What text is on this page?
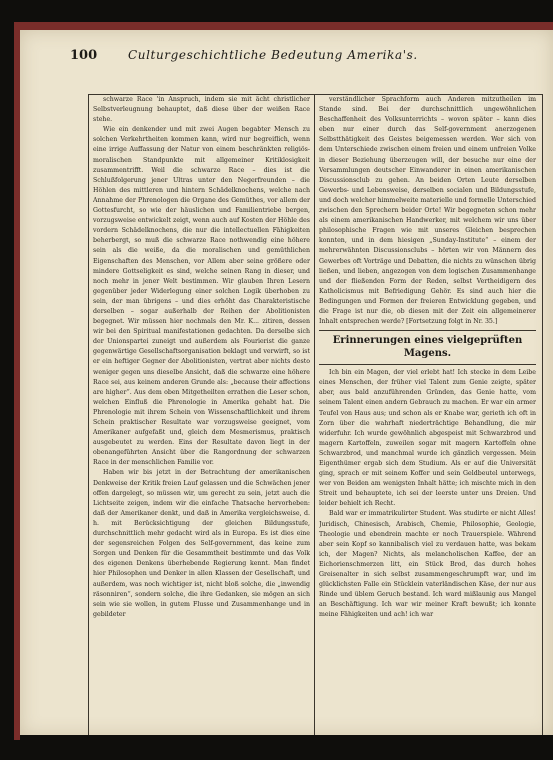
100	Culturgeschichtliche Bedeutung Amerika's.

schwarze Race 'in Anspruch, indem sie mit ächt christlicher Selbstverleugnung behauptet, daß diese über der weißen Race stehe.

Wie ein denkender und mit zwei Augen begabter Mensch zu solchen Verkehrtheiten kommen kann, wird nur begreiflich, wenn eine irrige Auffassung der Natur von einem beschränkten religiös-moralischen Standpunkte mit allgemeiner Kritiklosigkeit zusammentrifft. Weil die schwarze Race – dies ist die Schlußfolgerung jener Ultras unter den Negerfreunden – die Höhlen des mittleren und hintern Schädelknochens, welche nach Annahme der Phrenologen die Organe des Gemüthes, vor allem der Gottesfurcht, so wie der häuslichen und Familientriebe bergen, vorzugsweise entwickelt zeigt, wenn auch auf Kosten der Höhle des vordern Schädelknochens, die nur die intellectuellen Fähigkeiten beherbergt, so muß die schwarze Race nothwendig eine höhere sein als die weiße, da die moralischen und gemüthlichen Eigenschaften des Menschen, vor Allem aber seine größere oder mindere Gottseligkeit es sind, welche seinen Rang in dieser, und noch mehr in jener Welt bestimmen. Wir glauben Ihren Lesern gegenüber jeder Widerlegung einer solchen Logik überhoben zu sein, der man übrigens – und dies erhöht das Charakteristische derselben – sogar außerhalb der Reihen der Abolitionisten begegnet. Wir müssen hier nochmals den Mr. K... zitiren, dessen wir bei den Spiritual manifestationen gedachten. Da derselbe sich der Unionspartei zuneigt und außerdem als Fourierist die ganze gegenwärtige Gesellschaftsorganisation beklagt und verwirft, so ist er ein heftiger Gegner der Abolitionisten, vertrat aber nichts desto weniger gegen uns dieselbe Ansicht, daß die schwarze eine höhere Race sei, aus keinem anderen Grunde als: „because their affections are higher“. Aus dem oben Mitgetheilten errathen die Leser schon, welchen Einfluß die Phrenologie in Amerika gehabt hat. Die Phrenologie mit ihrem Schein von Wissenschaftlichkeit und ihrem Schein praktischer Resultate war vorzugsweise geeignet, vom Amerikaner aufgefaßt und, gleich dem Mesmerismus, praktisch ausgebeutet zu werden. Eins der Resultate davon liegt in der obenangeführten Ansicht über die Rangordnung der schwarzen Race in der menschlichen Familie vor.

Haben wir bis jetzt in der Betrachtung der amerikanischen Denkweise der Kritik freien Lauf gelassen und die Schwächen jener offen dargelegt, so müssen wir, um gerecht zu sein, jetzt auch die Lichtseite zeigen, indem wir die einfache Thatsache hervorheben: daß der Amerikaner denkt, und daß in Amerika vergleichsweise, d. h. mit Berücksichtigung der gleichen Bildungsstufe, durchschnittlich mehr gedacht wird als in Europa. Es ist dies eine der segensreichen Folgen des Self-government, das keine zum Sorgen und Denken für die Gesammtheit bestimmte und das Volk des eigenen Denkens überhebende Regierung kennt. Man findet hier Philosophen und Denker in allen Klassen der Gesellschaft, und außerdem, was noch wichtiger ist, nicht bloß solche, die „inwendig räsonniren“, sondern solche, die ihre Gedanken, sie mögen an sich sein wie sie wollen, in gutem Flusse und Zusammenhange und in gebildeter

verständlicher Sprachform auch Anderen mitzutheilen im Stande sind. Bei der durchschnittlich ungewöhnlichen Beschaffenheit des Volksunterrichts – wovon später – kann dies eben nur einer durch das Self-government anerzogenen Selbstthätigkeit des Geistes beigemessen werden. Wer sich von dem Unterschiede zwischen einem freien und einem unfreien Volke in dieser Beziehung überzeugen will, der besuche nur eine der Versammlungen deutscher Einwanderer in einen amerikanischen Discussionsclub zu gehen. An beiden Orten Leute derselben Gewerbs- und Lebensweise, derselben socialen und Bildungsstufe, und doch welcher himmelweite materielle und formelle Unterschied zwischen den Sprechern beider Orte! Wir begegneten schon mehr als einem amerikanischen Handwerker, mit welchem wir uns über philosophische Fragen wie mit unseres Gleichen besprechen konnten, und in dem hiesigen „Sunday-Institute“ – einem der mehrerwähnten Discussionsclubs – hörten wir von Männern des Gewerbes oft Vorträge und Debatten, die nichts zu wünschen übrig ließen, und lieben, angezogen von dem logischen Zusammenhange und der fließenden Form der Reden, selbst Vertheidigern des Katholicismus mit Befriedigung Gehör. Es sind auch hier die Bedingungen und Formen der freieren Entwicklung gegeben, und die Frage ist nur die, ob diesen mit der Zeit ein allgemeinerer Inhalt entsprechen werde? [Fortsetzung folgt in Nr. 35.]

Erinnerungen eines vielgeprüften Magens.

Ich bin ein Magen, der viel erlebt hat! Ich stecke in dem Leibe eines Menschen, der früher viel Talent zum Genie zeigte, später aber, aus bald anzuführenden Gründen, das Genie hatte, vom seinem Talent einen andern Gebrauch zu machen. Er war ein armer Teufel von Haus aus; und schon als er Knabe war, gerieth ich oft in Zorn über die wahrhaft niederträchtige Behandlung, die mir widerfuhr. Ich wurde gewöhnlich abgespeist mit Schwarzbrod und magern Kartoffeln, zuweilen sogar mit magern Kartoffeln ohne Schwarzbrod, und manchmal wurde ich gänzlich vergessen. Mein Eigenthümer ergab sich dem Studium. Als er auf die Universität ging, sprach er mit seinem Koffer und sein Geldbeutel unterwegs, wer von Beiden am wenigsten Inhalt hätte; ich mischte mich in den Streit und behauptete, ich sei der leerste unter uns Dreien. Und leider behielt ich Recht.

Bald war er immatrikulirter Student. Was studirte er nicht Alles! Juridisch, Chinesisch, Arabisch, Chemie, Philosophie, Geologie, Theologie und ebendrein machte er noch Trauerspiele. Während aber sein Kopf so kannibalisch viel zu verdauen hatte, was bekam ich, der Magen? Nichts, als melancholischen Kaffee, der an Eichorienschmerzen litt, ein Stück Brod, das durch hohes Greisenalter in sich selbst zusammengeschrumpft war, und im glücklichsten Falle ein Stücklein vaterländischen Käse, der nur aus Rinde und üblem Geruch bestand. Ich ward mißlaunig aus Mangel an Beschäftigung. Ich war wir meiner Kraft bewußt; ich konnte meine Fähigkeiten und ach! ich war
